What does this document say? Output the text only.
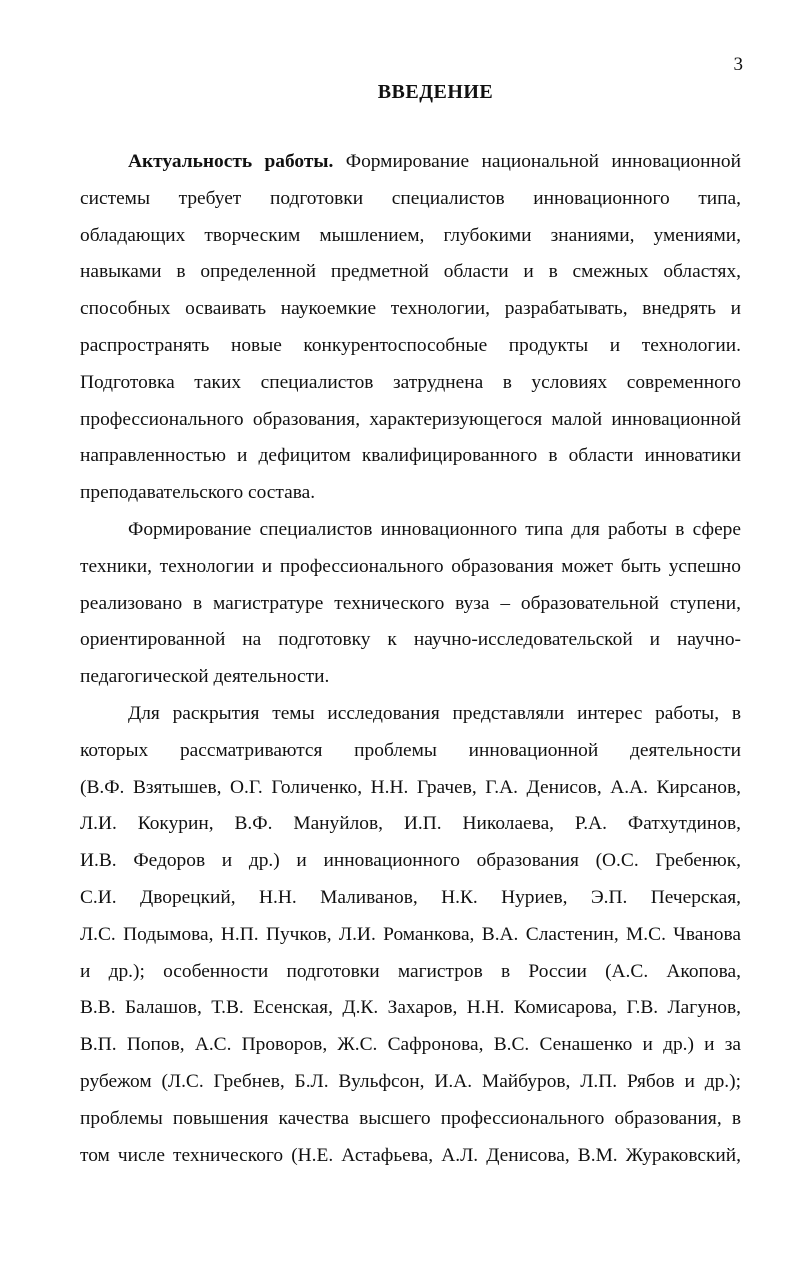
3
ВВЕДЕНИЕ
Актуальность работы. Формирование национальной инновационной
системы требует подготовки специалистов инновационного типа,
обладающих творческим мышлением, глубокими знаниями, умениями,
навыками в определенной предметной области и в смежных областях,
способных осваивать наукоемкие технологии, разрабатывать, внедрять и
распространять новые конкурентоспособные продукты и технологии.
Подготовка таких специалистов затруднена в условиях современного
профессионального образования, характеризующегося малой инновационной
направленностью и дефицитом квалифицированного в области инноватики
преподавательского состава.
Формирование специалистов инновационного типа для работы в сфере
техники, технологии и профессионального образования может быть успешно
реализовано в магистратуре технического вуза – образовательной ступени,
ориентированной на подготовку к научно-исследовательской и научно-
педагогической деятельности.
Для раскрытия темы исследования представляли интерес работы, в
которых рассматриваются проблемы инновационной деятельности
(В.Ф. Взятышев, О.Г. Голиченко, Н.Н. Грачев, Г.А. Денисов, А.А. Кирсанов,
Л.И. Кокурин, В.Ф. Мануйлов, И.П. Николаева, Р.А. Фатхутдинов,
И.В. Федоров и др.) и инновационного образования (О.С. Гребенюк,
С.И. Дворецкий, Н.Н. Маливанов, Н.К. Нуриев, Э.П. Печерская,
Л.С. Подымова, Н.П. Пучков, Л.И. Романкова, В.А. Сластенин, М.С. Чванова
и др.); особенности подготовки магистров в России (А.С. Акопова,
В.В. Балашов, Т.В. Есенская, Д.К. Захаров, Н.Н. Комисарова, Г.В. Лагунов,
В.П. Попов, А.С. Проворов, Ж.С. Сафронова, В.С. Сенашенко и др.) и за
рубежом (Л.С. Гребнев, Б.Л. Вульфсон, И.А. Майбуров, Л.П. Рябов и др.);
проблемы повышения качества высшего профессионального образования, в
том числе технического (Н.Е. Астафьева, А.Л. Денисова, В.М. Жураковский,
